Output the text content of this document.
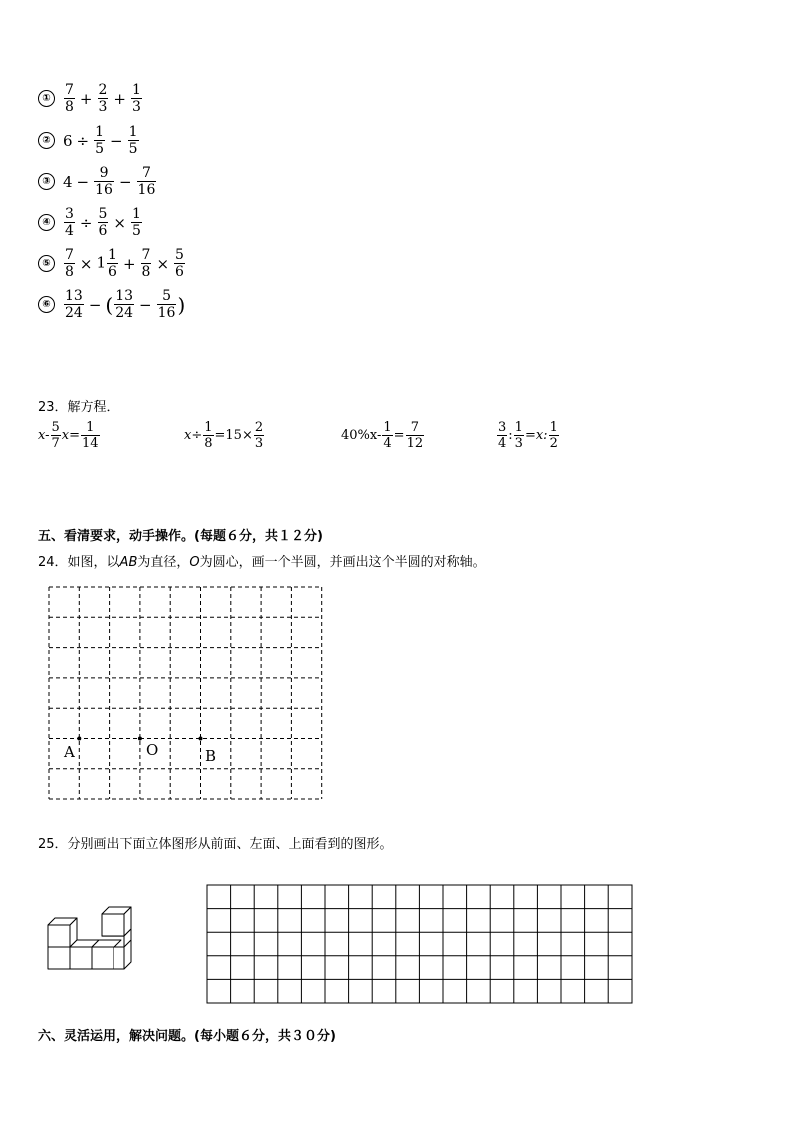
① $\frac{7}{8} + \frac{2}{3} + \frac{1}{3}$
② $6 \div \frac{1}{5} - \frac{1}{5}$
③ $4 - \frac{9}{16} - \frac{7}{16}$
④ $\frac{3}{4} \div \frac{5}{6} \times \frac{1}{5}$
⑤ $\frac{7}{8} \times 1 \frac{1}{6} + \frac{7}{8} \times \frac{5}{6}$
⑥ $\frac{13}{24}$ − ( $\frac{13}{24} - \frac{5}{16}$ )
23．解方程．
$x- \frac{5}{7} x= \frac{1}{14}$	$x\div \frac{1}{8} =15\times \frac{2}{3}$	$40\%x- \frac{1}{4} = \frac{7}{12}$	$\frac{3}{4}$ : $\frac{1}{3} =x$: $\frac{1}{2}$
五、看清要求，动手操作。(每题６分，共１２分)
24．如图，以AB为直径，O为圆心，画一个半圆，并画出这个半圆的对称轴。
A	O	B
25．分别画出下面立体图形从前面、左面、上面看到的图形。
六、灵活运用，解决问题。(每小题６分，共３０分)
